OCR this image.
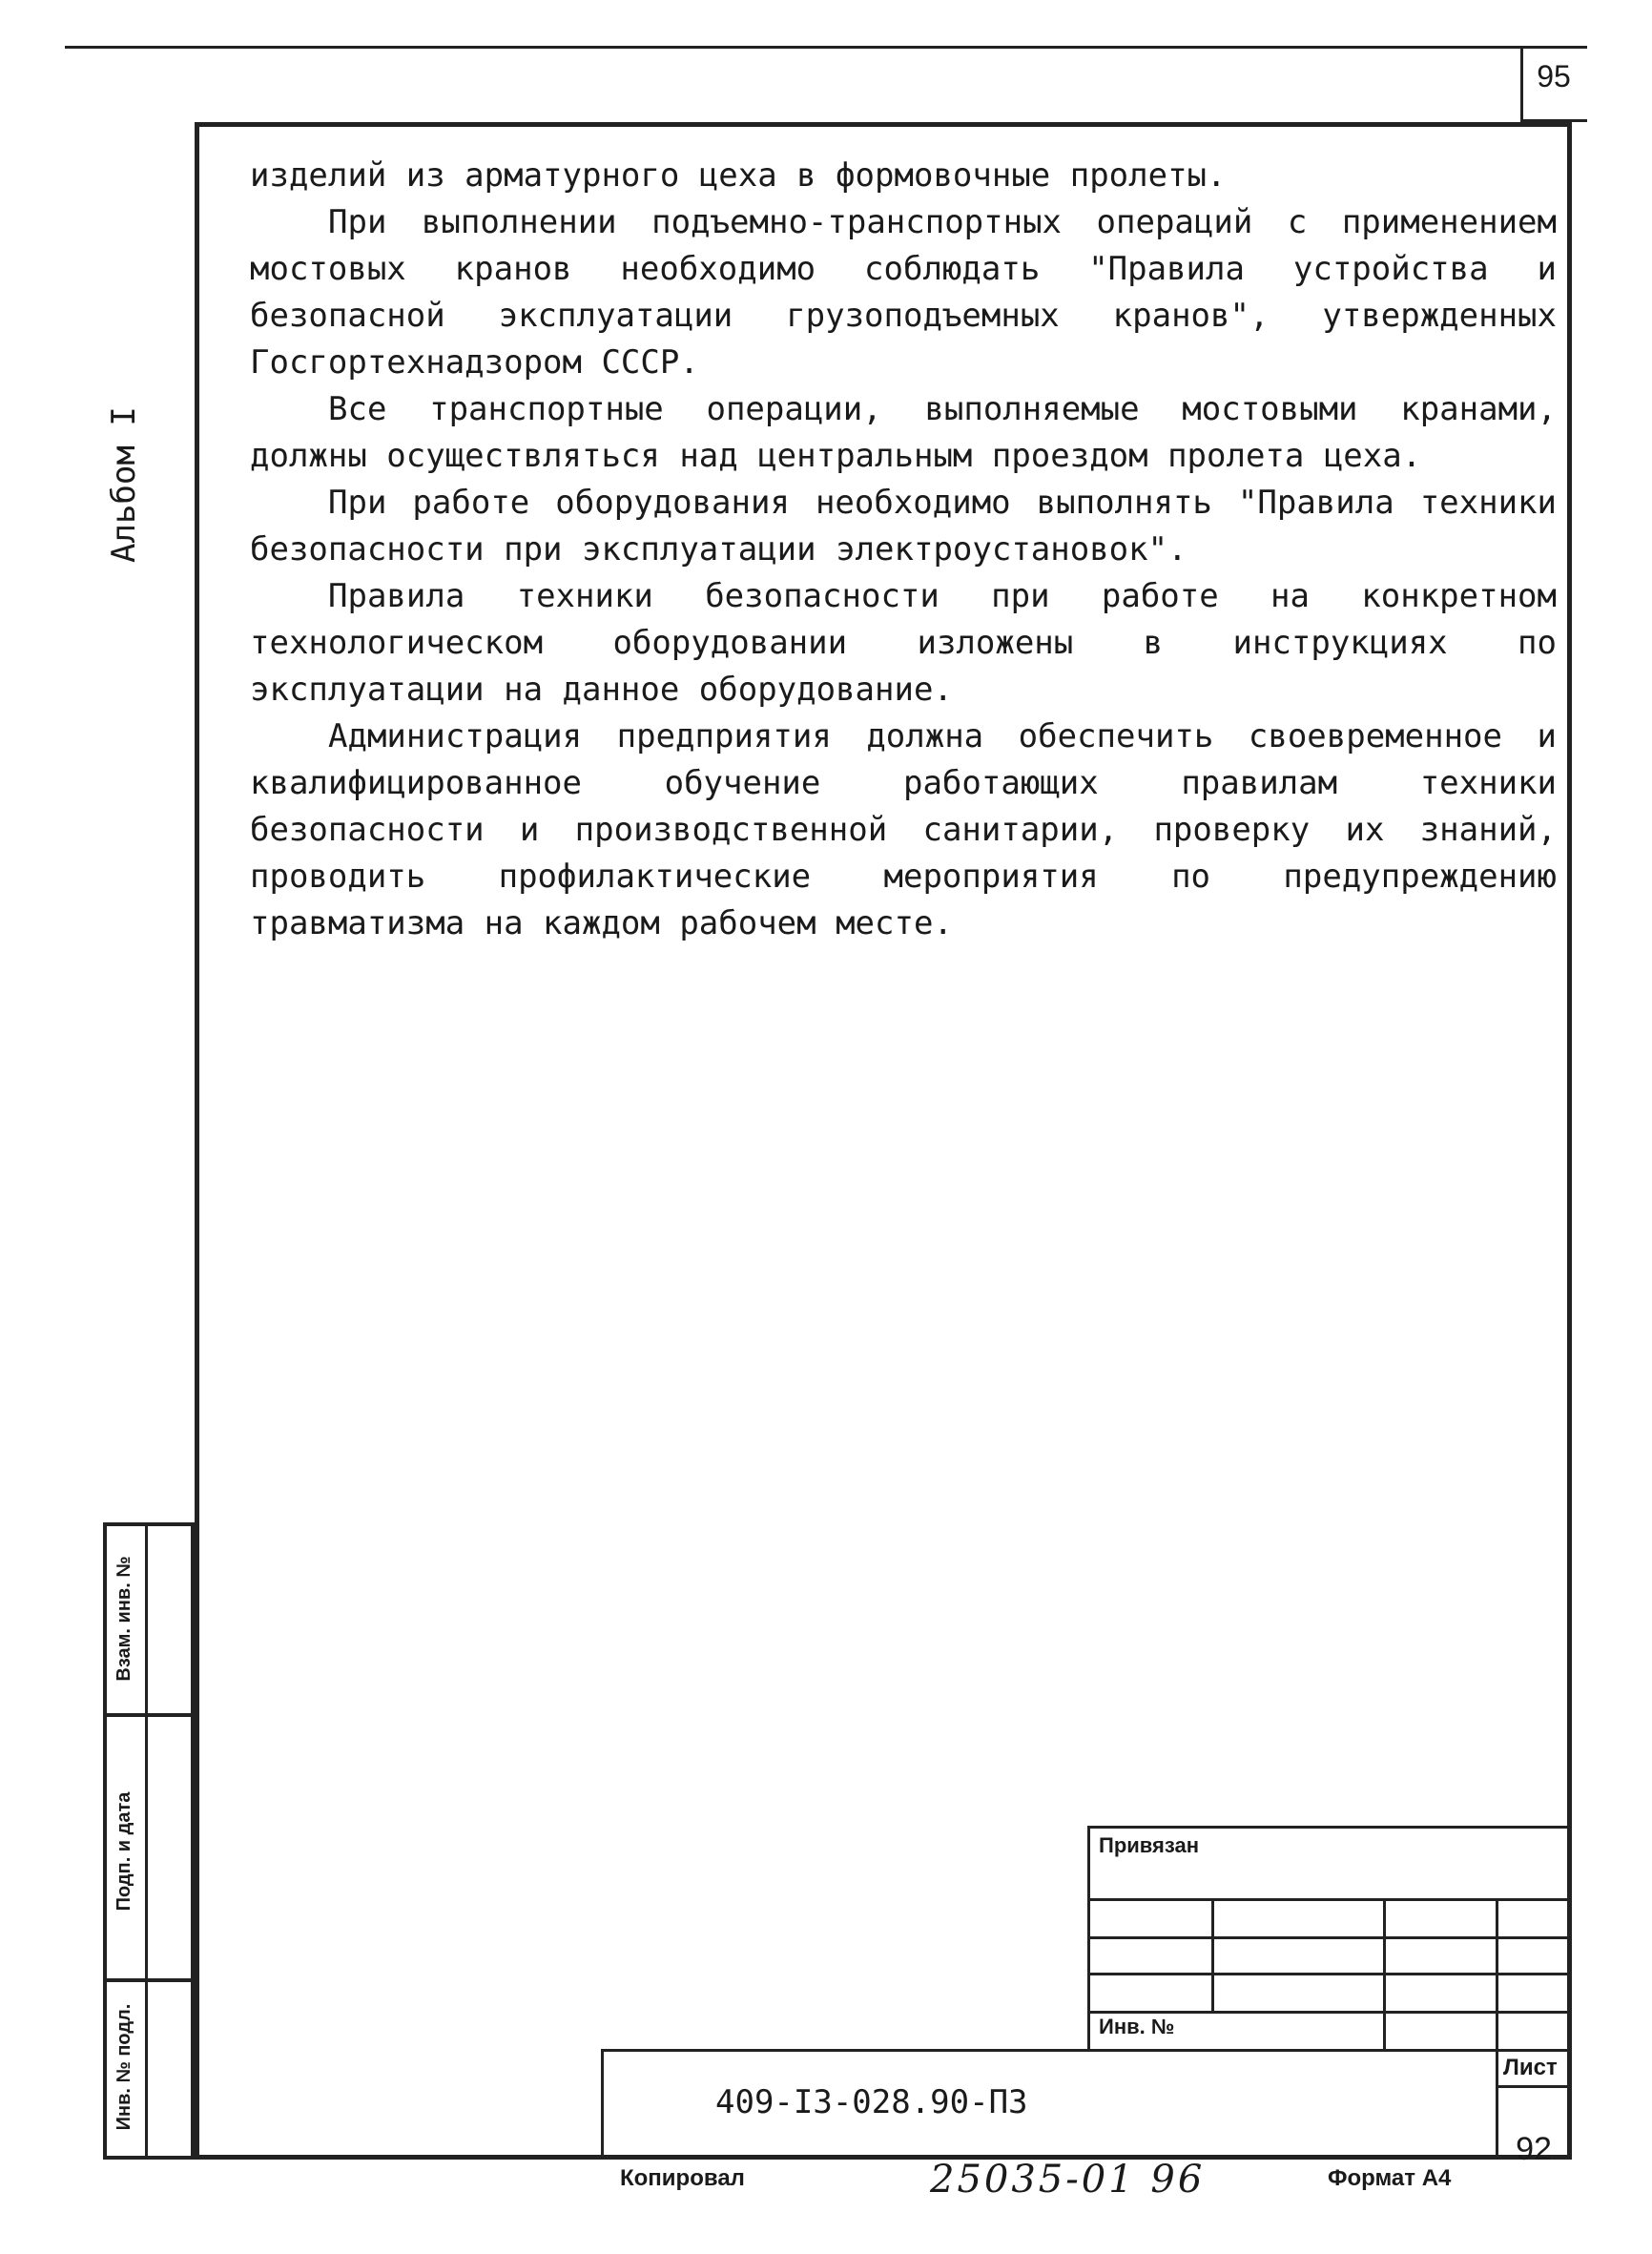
95
Альбом I

изделий из арматурного цеха в формовочные пролеты.

При выполнении подъемно-транспортных операций с применением мостовых кранов необходимо соблюдать "Правила устройства и безопасной эксплуатации грузоподъемных кранов", утвержденных Госгортехнадзором СССР.

Все транспортные операции, выполняемые мостовыми кранами, должны осуществляться над центральным проездом пролета цеха.

При работе оборудования необходимо выполнять "Правила техники безопасности при эксплуатации электроустановок".

Правила техники безопасности при работе на конкретном технологическом оборудовании изложены в инструкциях по эксплуатации на данное оборудование.

Администрация предприятия должна обеспечить своевременное и квалифицированное обучение работающих правилам техники безопасности и производственной санитарии, проверку их знаний, проводить профилактические мероприятия по предупреждению травматизма на каждом рабочем месте.

Взам. инв. №
Подп. и дата
Инв. № подл.
Привязан
Инв. №
409-I3-028.90-ПЗ
Лист
92
Копировал	25035-01 96	Формат А4
